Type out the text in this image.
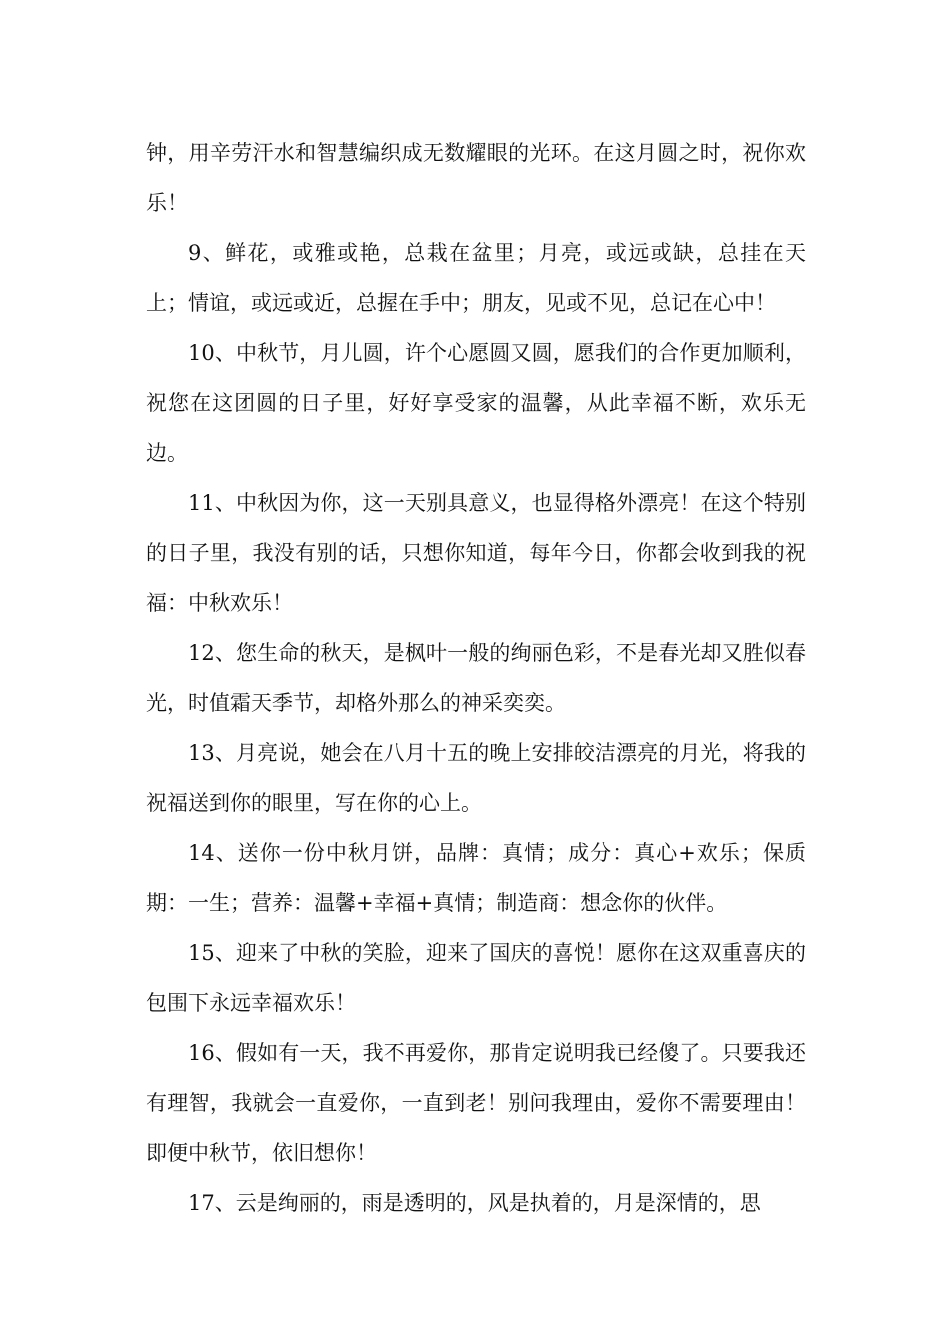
钟，用辛劳汗水和智慧编织成无数耀眼的光环。在这月圆之时，祝你欢乐！

9、鲜花，或雅或艳，总栽在盆里；月亮，或远或缺，总挂在天上；情谊，或远或近，总握在手中；朋友，见或不见，总记在心中！

10、中秋节，月儿圆，许个心愿圆又圆，愿我们的合作更加顺利，祝您在这团圆的日子里，好好享受家的温馨，从此幸福不断，欢乐无边。

11、中秋因为你，这一天别具意义，也显得格外漂亮！在这个特别的日子里，我没有别的话，只想你知道，每年今日，你都会收到我的祝福：中秋欢乐！

12、您生命的秋天，是枫叶一般的绚丽色彩，不是春光却又胜似春光，时值霜天季节，却格外那么的神采奕奕。

13、月亮说，她会在八月十五的晚上安排皎洁漂亮的月光，将我的祝福送到你的眼里，写在你的心上。

14、送你一份中秋月饼，品牌：真情；成分：真心+欢乐；保质期：一生；营养：温馨+幸福+真情；制造商：想念你的伙伴。

15、迎来了中秋的笑脸，迎来了国庆的喜悦！愿你在这双重喜庆的包围下永远幸福欢乐！

16、假如有一天，我不再爱你，那肯定说明我已经傻了。只要我还有理智，我就会一直爱你，一直到老！别问我理由，爱你不需要理由！即便中秋节，依旧想你！

17、云是绚丽的，雨是透明的，风是执着的，月是深情的，思
